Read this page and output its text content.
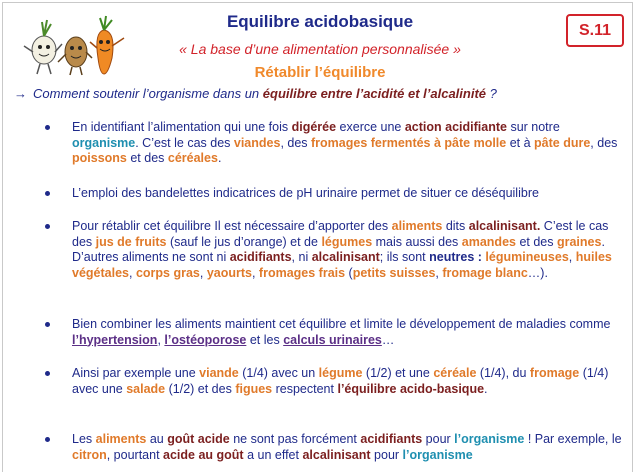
Equilibre acidobasique
« La base d’une alimentation personnalisée »
Rétablir l’équilibre
S.11
→ Comment soutenir l’organisme dans un équilibre entre l’acidité et l’alcalinité ?
En identifiant l’alimentation qui une fois digérée exerce une action acidifiante sur notre organisme. C’est le cas des viandes, des fromages fermentés à pâte molle et à pâte dure, des poissons et des céréales.
L’emploi des bandelettes indicatrices de pH urinaire permet de situer ce déséquilibre
Pour rétablir cet équilibre Il est nécessaire d’apporter des aliments dits alcalinisant. C’est le cas des jus de fruits (sauf le jus d’orange) et de légumes mais aussi des amandes et des graines. D’autres aliments ne sont ni acidifiants, ni alcalinisant; ils sont neutres : légumineuses, huiles végétales, corps gras, yaourts, fromages frais (petits suisses, fromage blanc…).
Bien combiner les aliments maintient cet équilibre et limite le développement de maladies comme l’hypertension, l’ostéoporose et les calculs urinaires…
Ainsi par exemple une viande (1/4) avec un légume (1/2) et une céréale (1/4), du fromage (1/4) avec une salade (1/2) et des figues respectent l’équilibre acido-basique.
Les aliments au goût acide ne sont pas forcément acidifiants pour l’organisme ! Par exemple, le citron, pourtant acide au goût a un effet alcalinisant pour l’organisme
